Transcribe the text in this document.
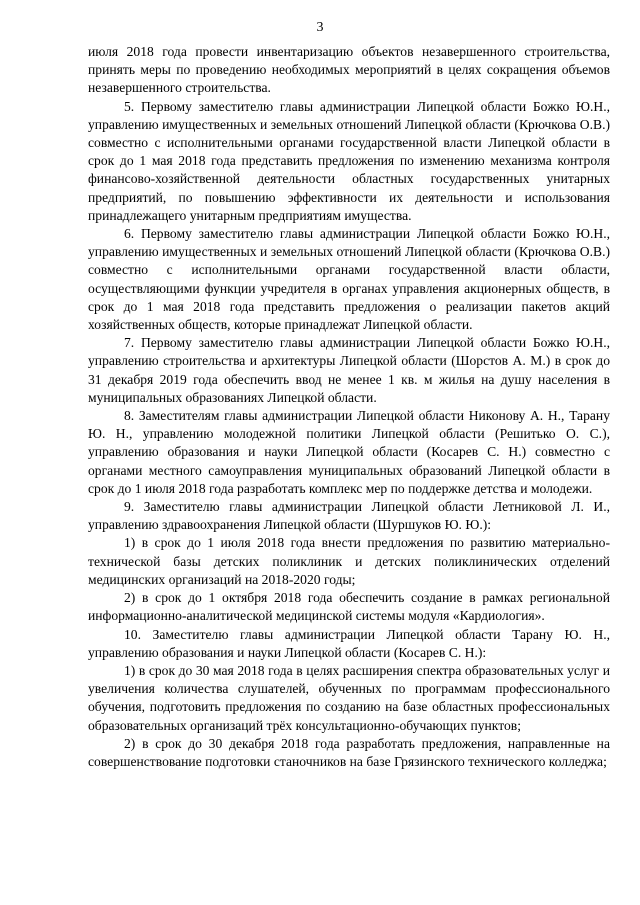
3

июля 2018 года провести инвентаризацию объектов незавершенного строительства, принять меры по проведению необходимых мероприятий в целях сокращения объемов незавершенного строительства.

5. Первому заместителю главы администрации Липецкой области Божко Ю.Н., управлению имущественных и земельных отношений Липецкой области (Крючкова О.В.) совместно с исполнительными органами государственной власти Липецкой области в срок до 1 мая 2018 года представить предложения по изменению механизма контроля финансово-хозяйственной деятельности областных государственных унитарных предприятий, по повышению эффективности их деятельности и использования принадлежащего унитарным предприятиям имущества.

6. Первому заместителю главы администрации Липецкой области Божко Ю.Н., управлению имущественных и земельных отношений Липецкой области (Крючкова О.В.) совместно с исполнительными органами государственной власти области, осуществляющими функции учредителя в органах управления акционерных обществ, в срок до 1 мая 2018 года представить предложения о реализации пакетов акций хозяйственных обществ, которые принадлежат Липецкой области.

7. Первому заместителю главы администрации Липецкой области Божко Ю.Н., управлению строительства и архитектуры Липецкой области (Шорстов А. М.) в срок до 31 декабря 2019 года обеспечить ввод не менее 1 кв. м жилья на душу населения в муниципальных образованиях Липецкой области.

8. Заместителям главы администрации Липецкой области Никонову А. Н., Тарану Ю. Н., управлению молодежной политики Липецкой области (Решитько О. С.), управлению образования и науки Липецкой области (Косарев С. Н.) совместно с органами местного самоуправления муниципальных образований Липецкой области в срок до 1 июля 2018 года разработать комплекс мер по поддержке детства и молодежи.

9. Заместителю главы администрации Липецкой области Летниковой Л. И., управлению здравоохранения Липецкой области (Шуршуков Ю. Ю.):

1) в срок до 1 июля 2018 года внести предложения по развитию материально-технической базы детских поликлиник и детских поликлинических отделений медицинских организаций на 2018-2020 годы;

2) в срок до 1 октября 2018 года обеспечить создание в рамках региональной информационно-аналитической медицинской системы модуля «Кардиология».

10. Заместителю главы администрации Липецкой области Тарану Ю. Н., управлению образования и науки Липецкой области (Косарев С. Н.):

1) в срок до 30 мая 2018 года в целях расширения спектра образовательных услуг и увеличения количества слушателей, обученных по программам профессионального обучения, подготовить предложения по созданию на базе областных профессиональных образовательных организаций трёх консультационно-обучающих пунктов;

2) в срок до 30 декабря 2018 года разработать предложения, направленные на совершенствование подготовки станочников на базе Грязинского технического колледжа;
